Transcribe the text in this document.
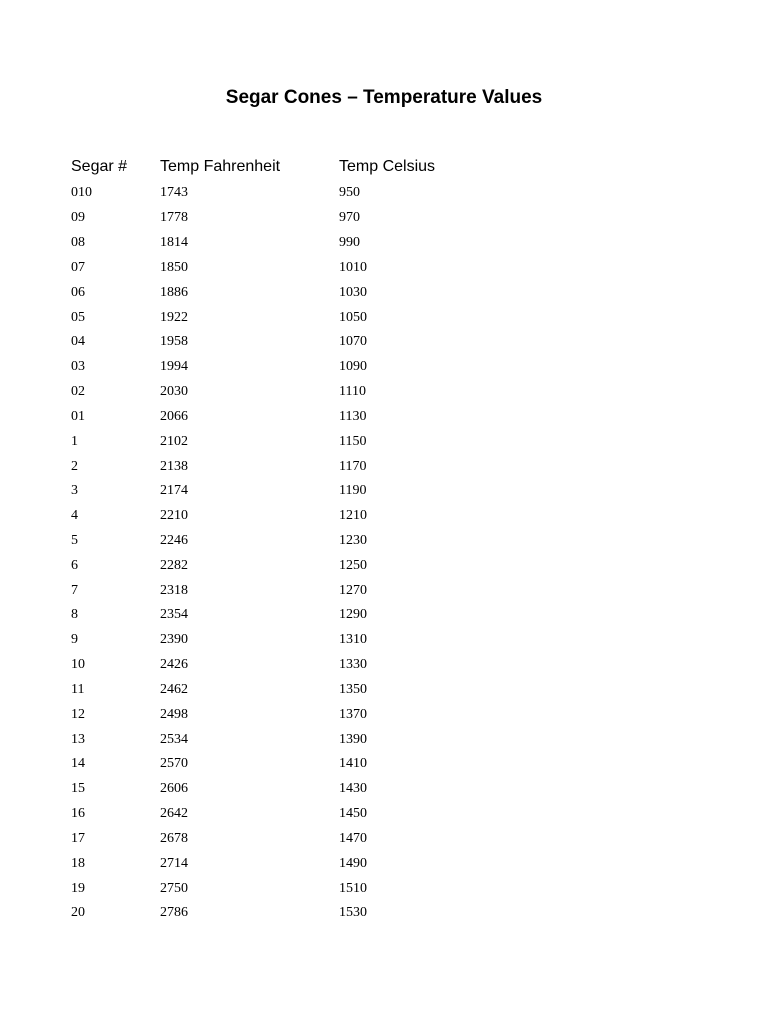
Segar Cones – Temperature Values
Segar #	Temp Fahrenheit	Temp Celsius
010	1743	950
09	1778	970
08	1814	990
07	1850	1010
06	1886	1030
05	1922	1050
04	1958	1070
03	1994	1090
02	2030	1110
01	2066	1130
1	2102	1150
2	2138	1170
3	2174	1190
4	2210	1210
5	2246	1230
6	2282	1250
7	2318	1270
8	2354	1290
9	2390	1310
10	2426	1330
11	2462	1350
12	2498	1370
13	2534	1390
14	2570	1410
15	2606	1430
16	2642	1450
17	2678	1470
18	2714	1490
19	2750	1510
20	2786	1530
